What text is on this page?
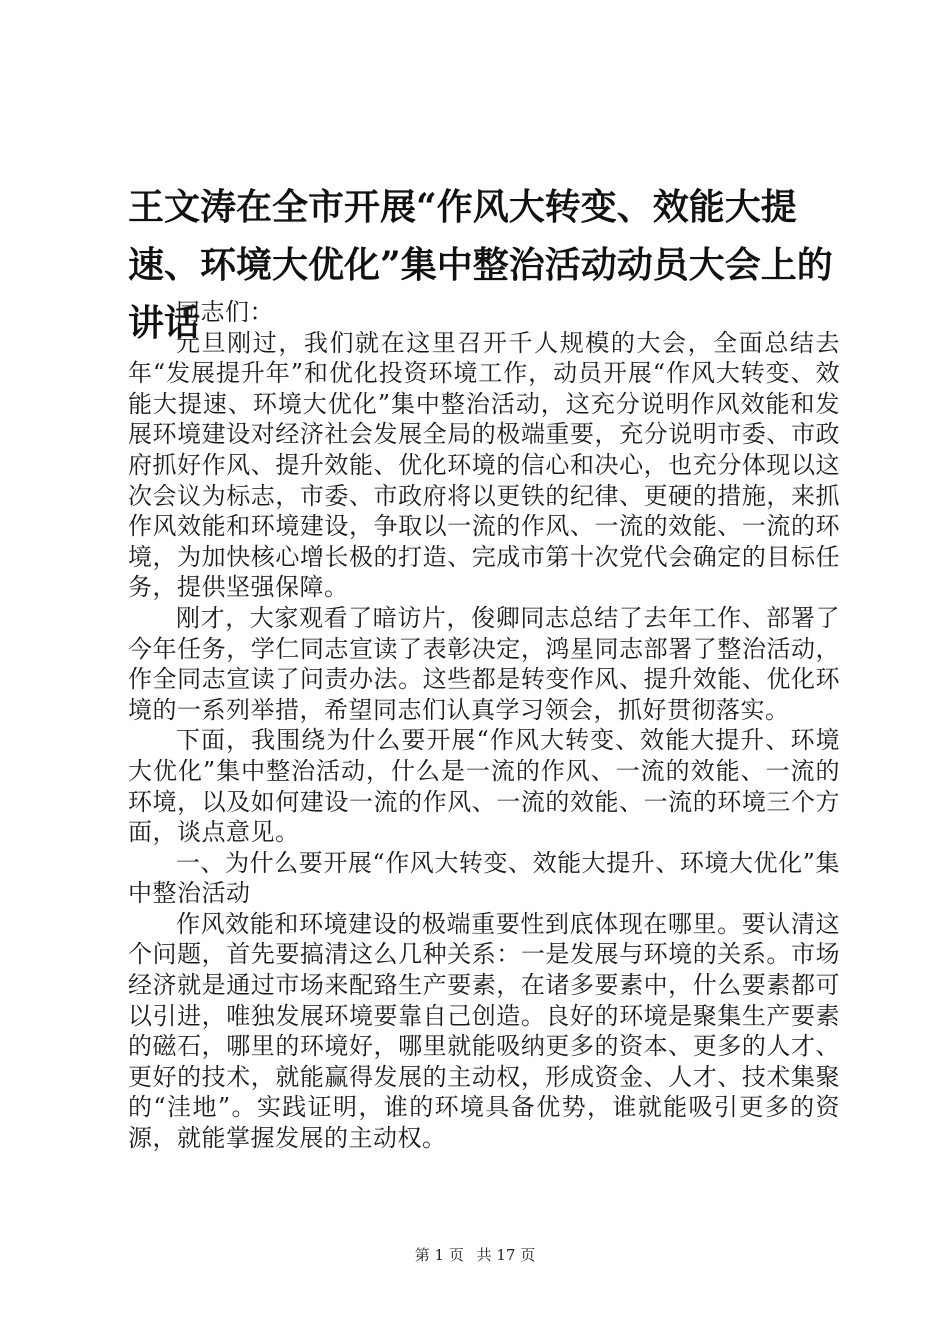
王文涛在全市开展“作风大转变、效能大提速、环境大优化”集中整治活动动员大会上的讲话

同志们：

元旦刚过，我们就在这里召开千人规模的大会，全面总结去年“发展提升年”和优化投资环境工作，动员开展“作风大转变、效能大提速、环境大优化”集中整治活动，这充分说明作风效能和发展环境建设对经济社会发展全局的极端重要，充分说明市委、市政府抓好作风、提升效能、优化环境的信心和决心，也充分体现以这次会议为标志，市委、市政府将以更铁的纪律、更硬的措施，来抓作风效能和环境建设，争取以一流的作风、一流的效能、一流的环境，为加快核心增长极的打造、完成市第十次党代会确定的目标任务，提供坚强保障。

刚才，大家观看了暗访片，俊卿同志总结了去年工作、部署了今年任务，学仁同志宣读了表彰决定，鸿星同志部署了整治活动，作全同志宣读了问责办法。这些都是转变作风、提升效能、优化环境的一系列举措，希望同志们认真学习领会，抓好贯彻落实。

下面，我围绕为什么要开展“作风大转变、效能大提升、环境大优化”集中整治活动，什么是一流的作风、一流的效能、一流的环境，以及如何建设一流的作风、一流的效能、一流的环境三个方面，谈点意见。

一、为什么要开展“作风大转变、效能大提升、环境大优化”集中整治活动

作风效能和环境建设的极端重要性到底体现在哪里。要认清这个问题，首先要搞清这么几种关系：一是发展与环境的关系。市场经济就是通过市场来配臵生产要素，在诸多要素中，什么要素都可以引进，唯独发展环境要靠自己创造。良好的环境是聚集生产要素的磁石，哪里的环境好，哪里就能吸纳更多的资本、更多的人才、更好的技术，就能赢得发展的主动权，形成资金、人才、技术集聚的“洼地”。实践证明，谁的环境具备优势，谁就能吸引更多的资源，就能掌握发展的主动权。

第 1 页 共 17 页
